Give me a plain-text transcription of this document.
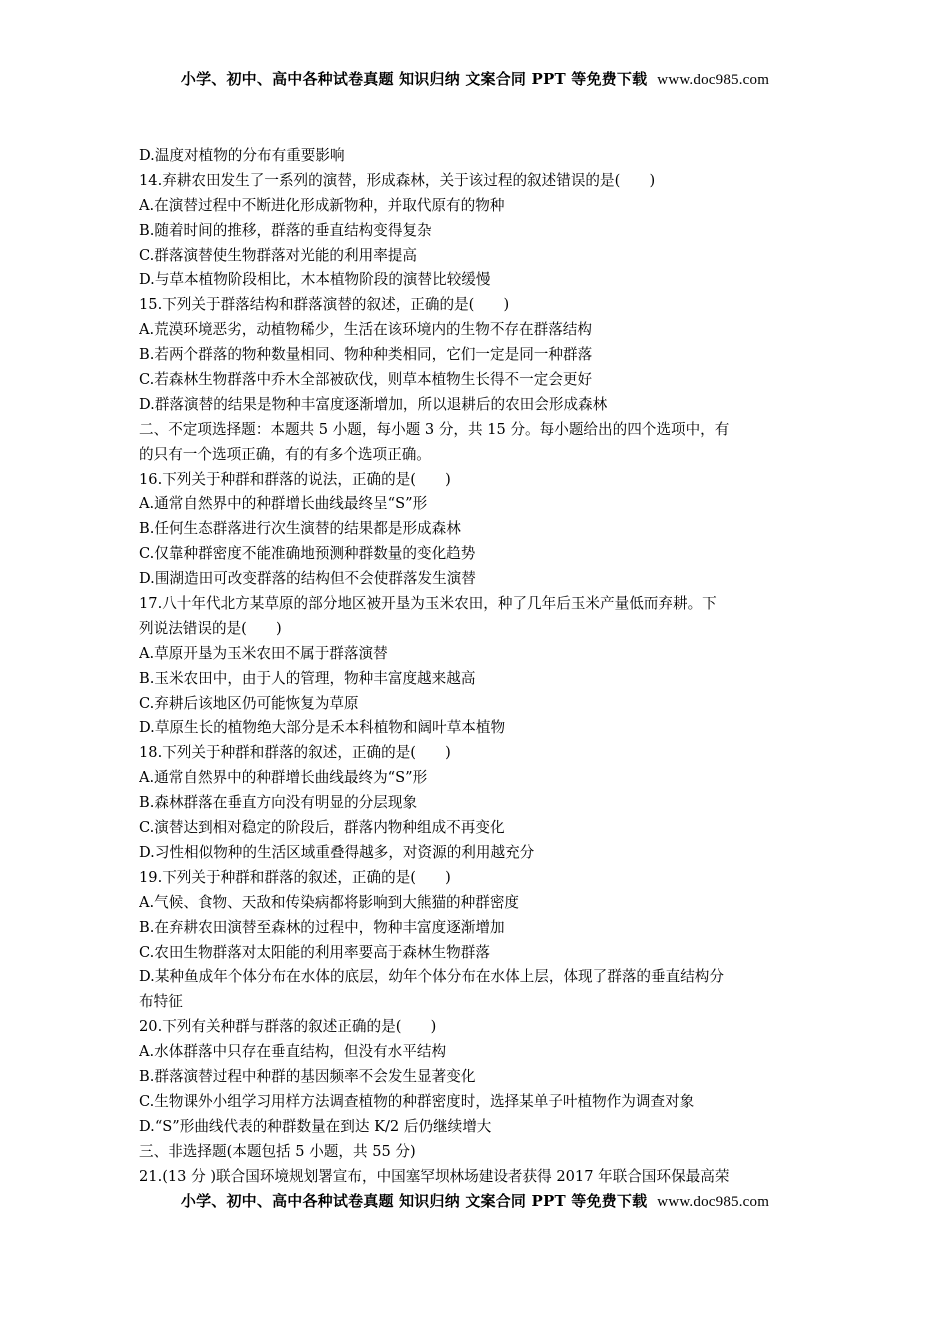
小学、初中、高中各种试卷真题 知识归纳 文案合同 PPT 等免费下载 www.doc985.com
D.温度对植物的分布有重要影响
14.弃耕农田发生了一系列的演替，形成森林，关于该过程的叙述错误的是(　　)
A.在演替过程中不断进化形成新物种，并取代原有的物种
B.随着时间的推移，群落的垂直结构变得复杂
C.群落演替使生物群落对光能的利用率提高
D.与草本植物阶段相比，木本植物阶段的演替比较缓慢
15.下列关于群落结构和群落演替的叙述，正确的是(　　)
A.荒漠环境恶劣，动植物稀少，生活在该环境内的生物不存在群落结构
B.若两个群落的物种数量相同、物种种类相同，它们一定是同一种群落
C.若森林生物群落中乔木全部被砍伐，则草本植物生长得不一定会更好
D.群落演替的结果是物种丰富度逐渐增加，所以退耕后的农田会形成森林
二、不定项选择题：本题共 5 小题，每小题 3 分，共 15 分。每小题给出的四个选项中，有
的只有一个选项正确，有的有多个选项正确。
16.下列关于种群和群落的说法，正确的是(　　)
A.通常自然界中的种群增长曲线最终呈“S”形
B.任何生态群落进行次生演替的结果都是形成森林
C.仅靠种群密度不能准确地预测种群数量的变化趋势
D.围湖造田可改变群落的结构但不会使群落发生演替
17.八十年代北方某草原的部分地区被开垦为玉米农田，种了几年后玉米产量低而弃耕。下
列说法错误的是(　　)
A.草原开垦为玉米农田不属于群落演替
B.玉米农田中，由于人的管理，物种丰富度越来越高
C.弃耕后该地区仍可能恢复为草原
D.草原生长的植物绝大部分是禾本科植物和阔叶草本植物
18.下列关于种群和群落的叙述，正确的是(　　)
A.通常自然界中的种群增长曲线最终为“S”形
B.森林群落在垂直方向没有明显的分层现象
C.演替达到相对稳定的阶段后，群落内物种组成不再变化
D.习性相似物种的生活区域重叠得越多，对资源的利用越充分
19.下列关于种群和群落的叙述，正确的是(　　)
A.气候、食物、天敌和传染病都将影响到大熊猫的种群密度
B.在弃耕农田演替至森林的过程中，物种丰富度逐渐增加
C.农田生物群落对太阳能的利用率要高于森林生物群落
D.某种鱼成年个体分布在水体的底层，幼年个体分布在水体上层，体现了群落的垂直结构分
布特征
20.下列有关种群与群落的叙述正确的是(　　)
A.水体群落中只存在垂直结构，但没有水平结构
B.群落演替过程中种群的基因频率不会发生显著变化
C.生物课外小组学习用样方法调查植物的种群密度时，选择某单子叶植物作为调查对象
D.“S”形曲线代表的种群数量在到达 K/2 后仍继续增大
三、非选择题(本题包括 5 小题，共 55 分)
21.(13 分 )联合国环境规划署宣布，中国塞罕坝林场建设者获得 2017 年联合国环保最高荣
小学、初中、高中各种试卷真题 知识归纳 文案合同 PPT 等免费下载 www.doc985.com
